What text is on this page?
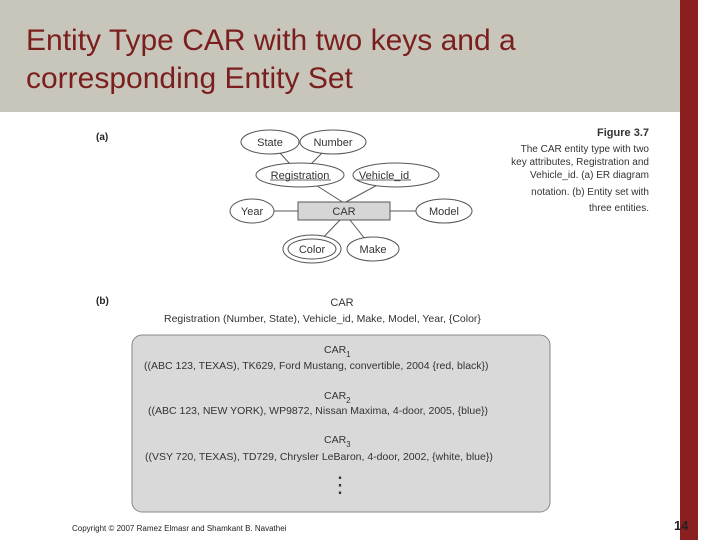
Entity Type CAR with two keys and a
corresponding Entity Set
(a)
(b)
Figure 3.7
The CAR entity type with two
key attributes, Registration and
Vehicle_id. (a) ER diagram
notation. (b) Entity set with
three entities.
CAR
State	Number
Registration	Vehicle_id
Year	Model
Color	Make
CAR
Registration (Number, State), Vehicle_id, Make, Model, Year, {Color}
$CAR_1$
((ABC 123, TEXAS), TK629, Ford Mustang, convertible, 2004 {red, black})
$CAR_2$
((ABC 123, NEW YORK), WP9872, Nissan Maxima, 4-door, 2005, {blue})
$CAR_3$
((VSY 720, TEXAS), TD729, Chrysler LeBaron, 4-door, 2002, {white, blue})
⋮
Copyright © 2007 Ramez Elmasr and Shamkant B. Navathei	14
